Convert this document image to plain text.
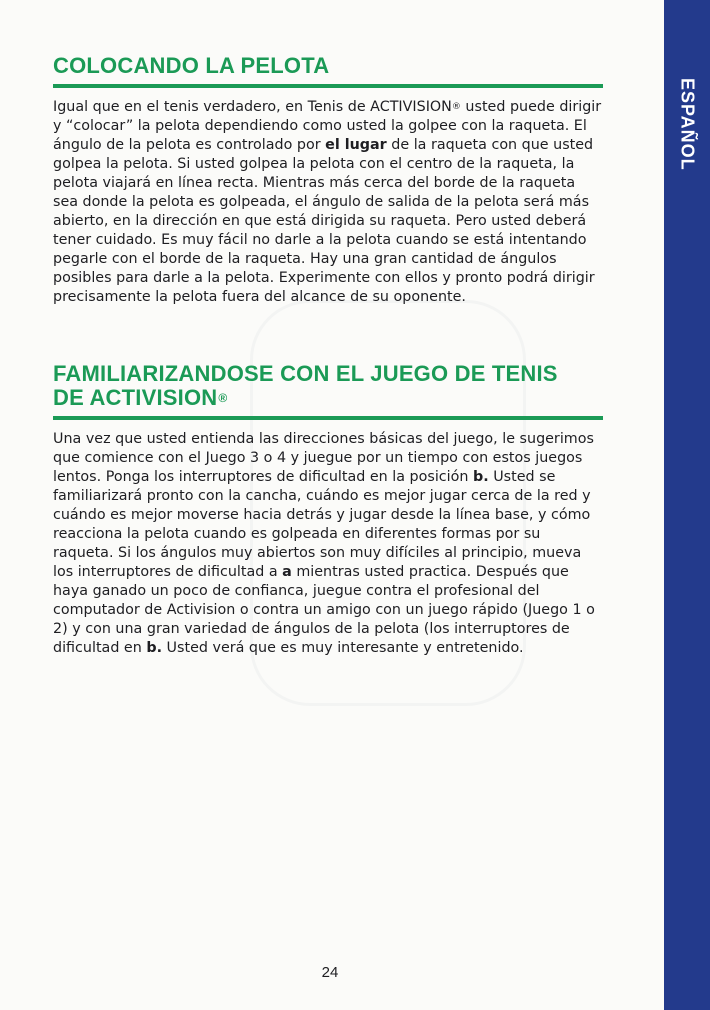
ESPAÑOL
COLOCANDO LA PELOTA
Igual que en el tenis verdadero, en Tenis de ACTIVISION® usted puede dirigir y “colocar” la pelota dependiendo como usted la golpee con la raqueta. El ángulo de la pelota es controlado por el lugar de la raqueta con que usted golpea la pelota. Si usted golpea la pelota con el centro de la raqueta, la pelota viajará en línea recta. Mientras más cerca del borde de la raqueta sea donde la pelota es golpeada, el ángulo de salida de la pelota será más abierto, en la dirección en que está dirigida su raqueta. Pero usted deberá tener cuidado. Es muy fácil no darle a la pelota cuando se está intentando pegarle con el borde de la raqueta. Hay una gran cantidad de ángulos posibles para darle a la pelota. Experimente con ellos y pronto podrá dirigir precisamente la pelota fuera del alcance de su oponente.
FAMILIARIZANDOSE CON EL JUEGO DE TENIS
DE ACTIVISION®
Una vez que usted entienda las direcciones básicas del juego, le sugerimos que comience con el Juego 3 o 4 y juegue por un tiempo con estos juegos lentos. Ponga los interruptores de dificultad en la posición b. Usted se familiarizará pronto con la cancha, cuándo es mejor jugar cerca de la red y cuándo es mejor moverse hacia detrás y jugar desde la línea base, y cómo reacciona la pelota cuando es golpeada en diferentes formas por su raqueta. Si los ángulos muy abiertos son muy difíciles al principio, mueva los interruptores de dificultad a a mientras usted practica. Después que haya ganado un poco de confianca, juegue contra el profesional del computador de Activision o contra un amigo con un juego rápido (Juego 1 o 2) y con una gran variedad de ángulos de la pelota (los interruptores de dificultad en b. Usted verá que es muy interesante y entretenido.
24
